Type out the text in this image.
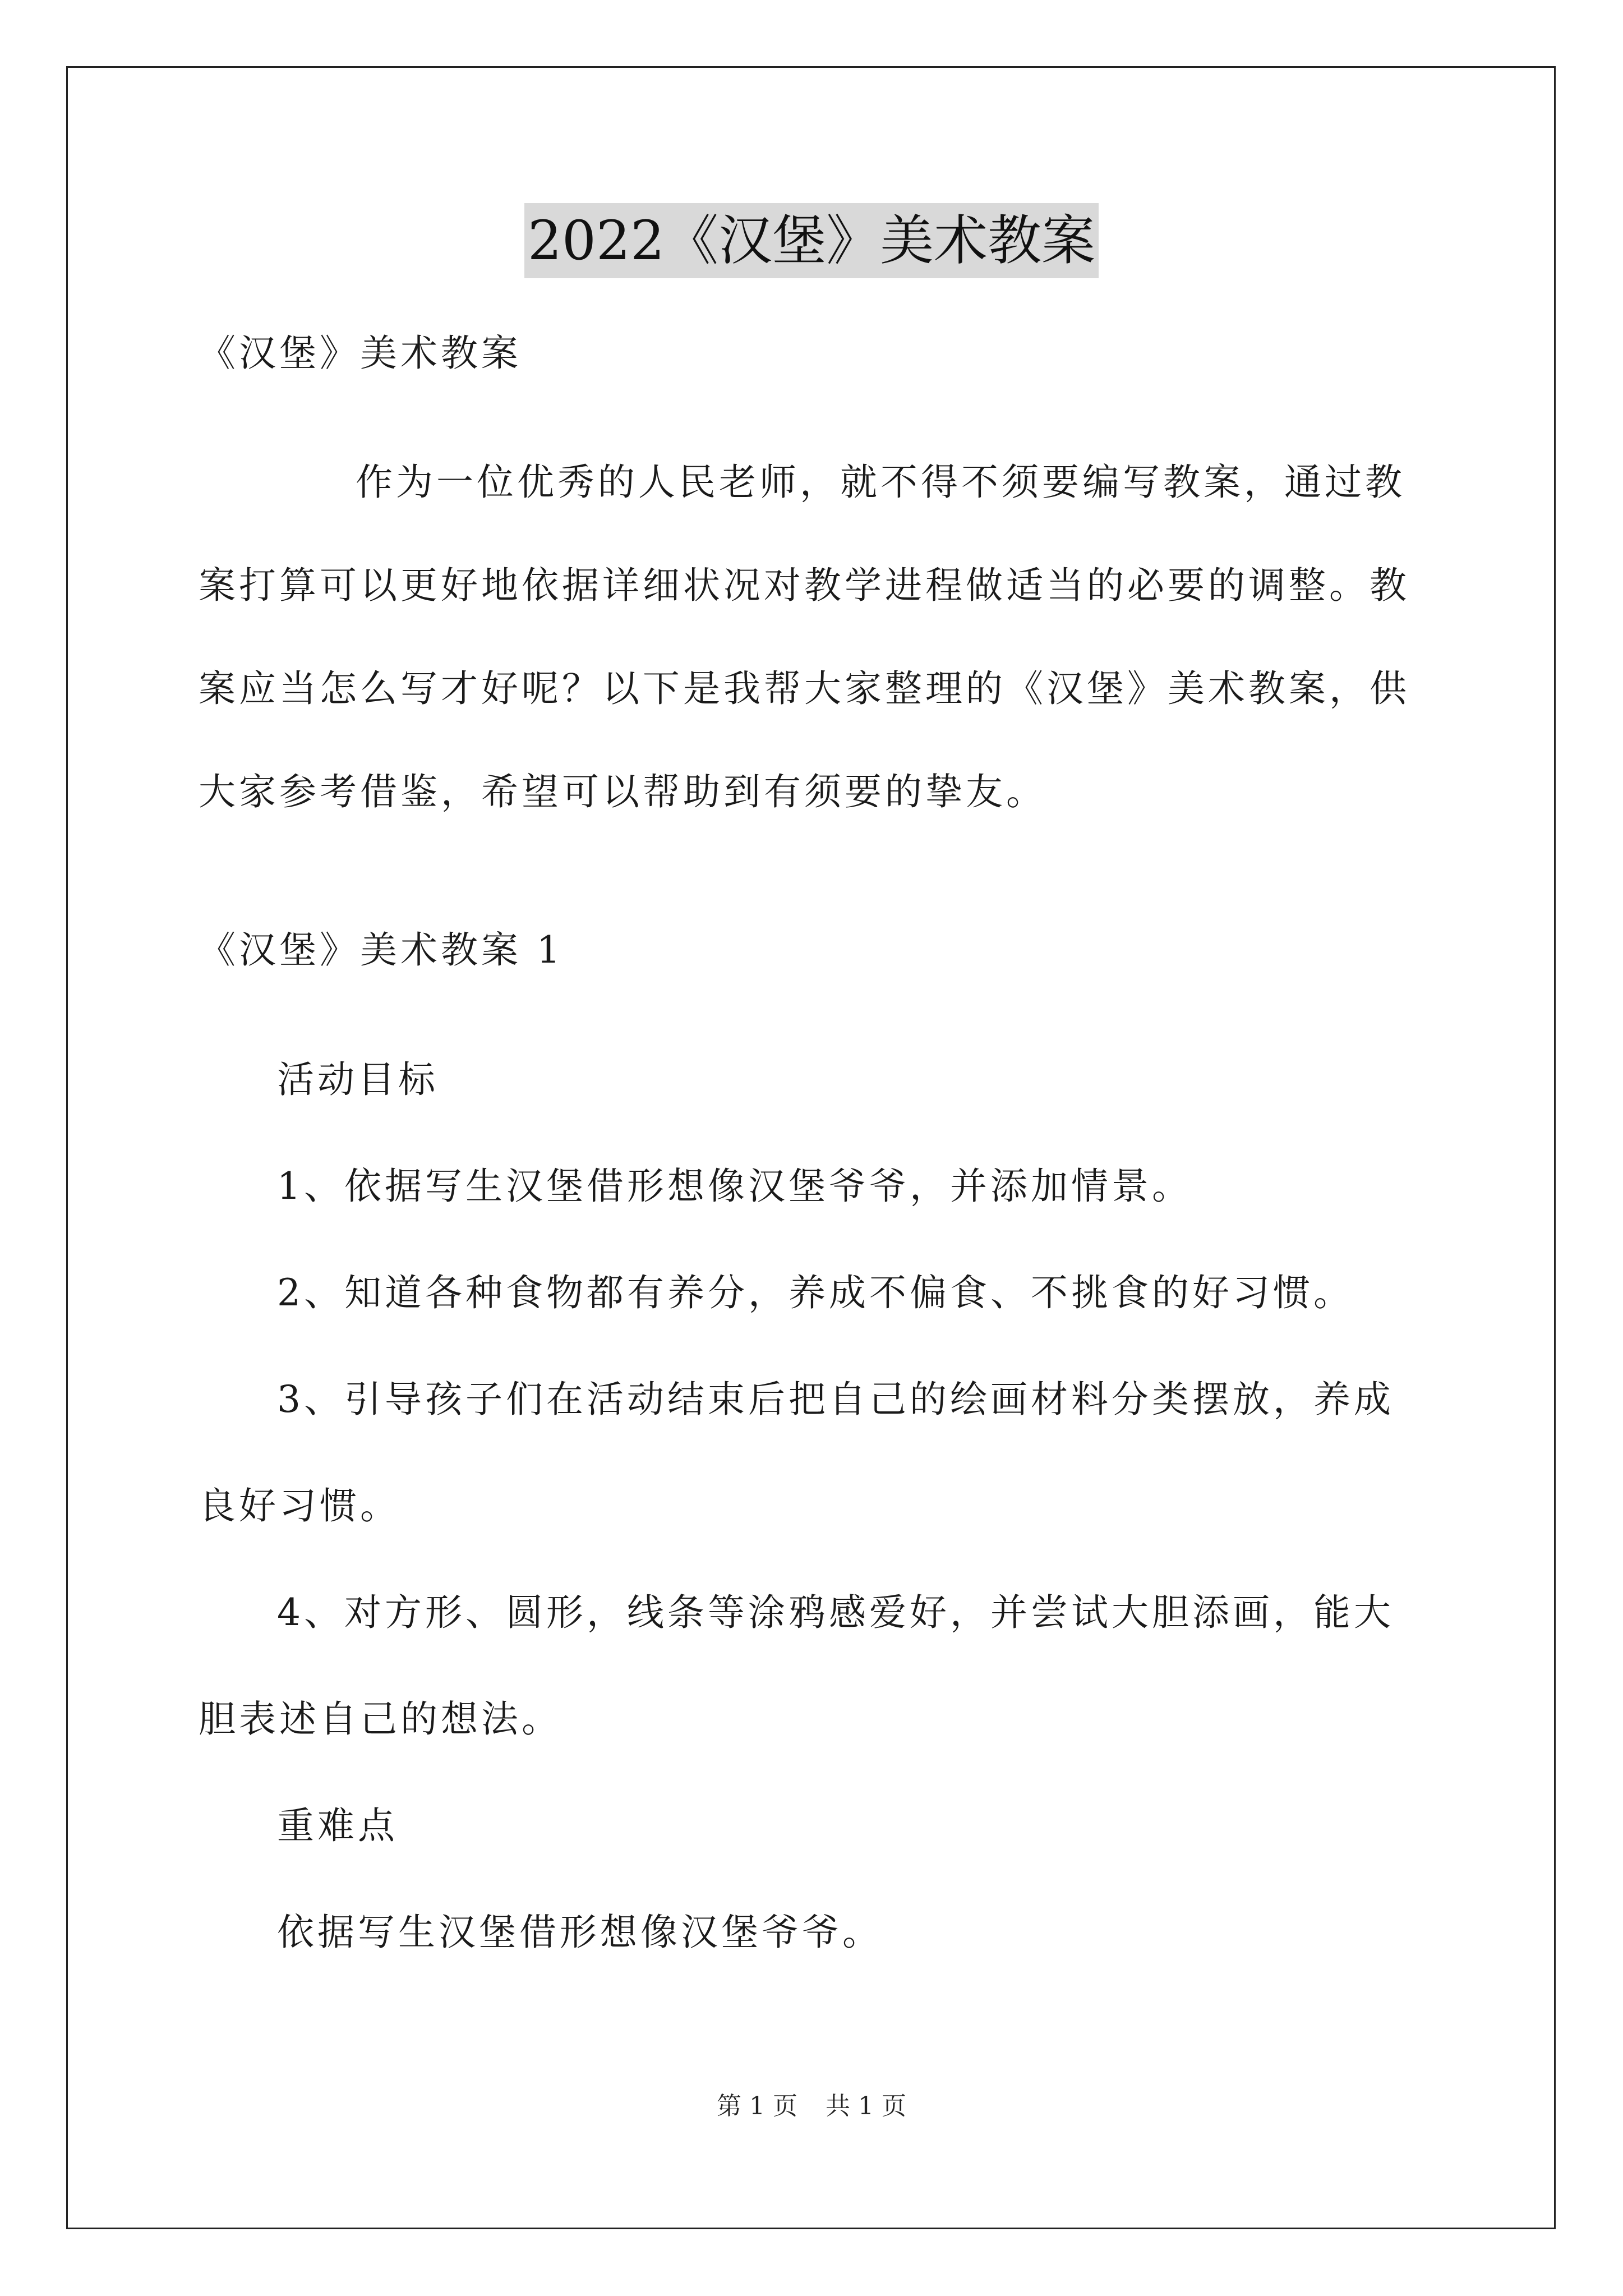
2022《汉堡》美术教案

《汉堡》美术教案

作为一位优秀的人民老师，就不得不须要编写教案，通过教案打算可以更好地依据详细状况对教学进程做适当的必要的调整。教案应当怎么写才好呢？以下是我帮大家整理的《汉堡》美术教案，供大家参考借鉴，希望可以帮助到有须要的挚友。

《汉堡》美术教案 1

活动目标

1、依据写生汉堡借形想像汉堡爷爷，并添加情景。

2、知道各种食物都有养分，养成不偏食、不挑食的好习惯。

3、引导孩子们在活动结束后把自己的绘画材料分类摆放，养成良好习惯。

4、对方形、圆形，线条等涂鸦感爱好，并尝试大胆添画，能大胆表述自己的想法。

重难点

依据写生汉堡借形想像汉堡爷爷。

第 1 页 共 1 页
